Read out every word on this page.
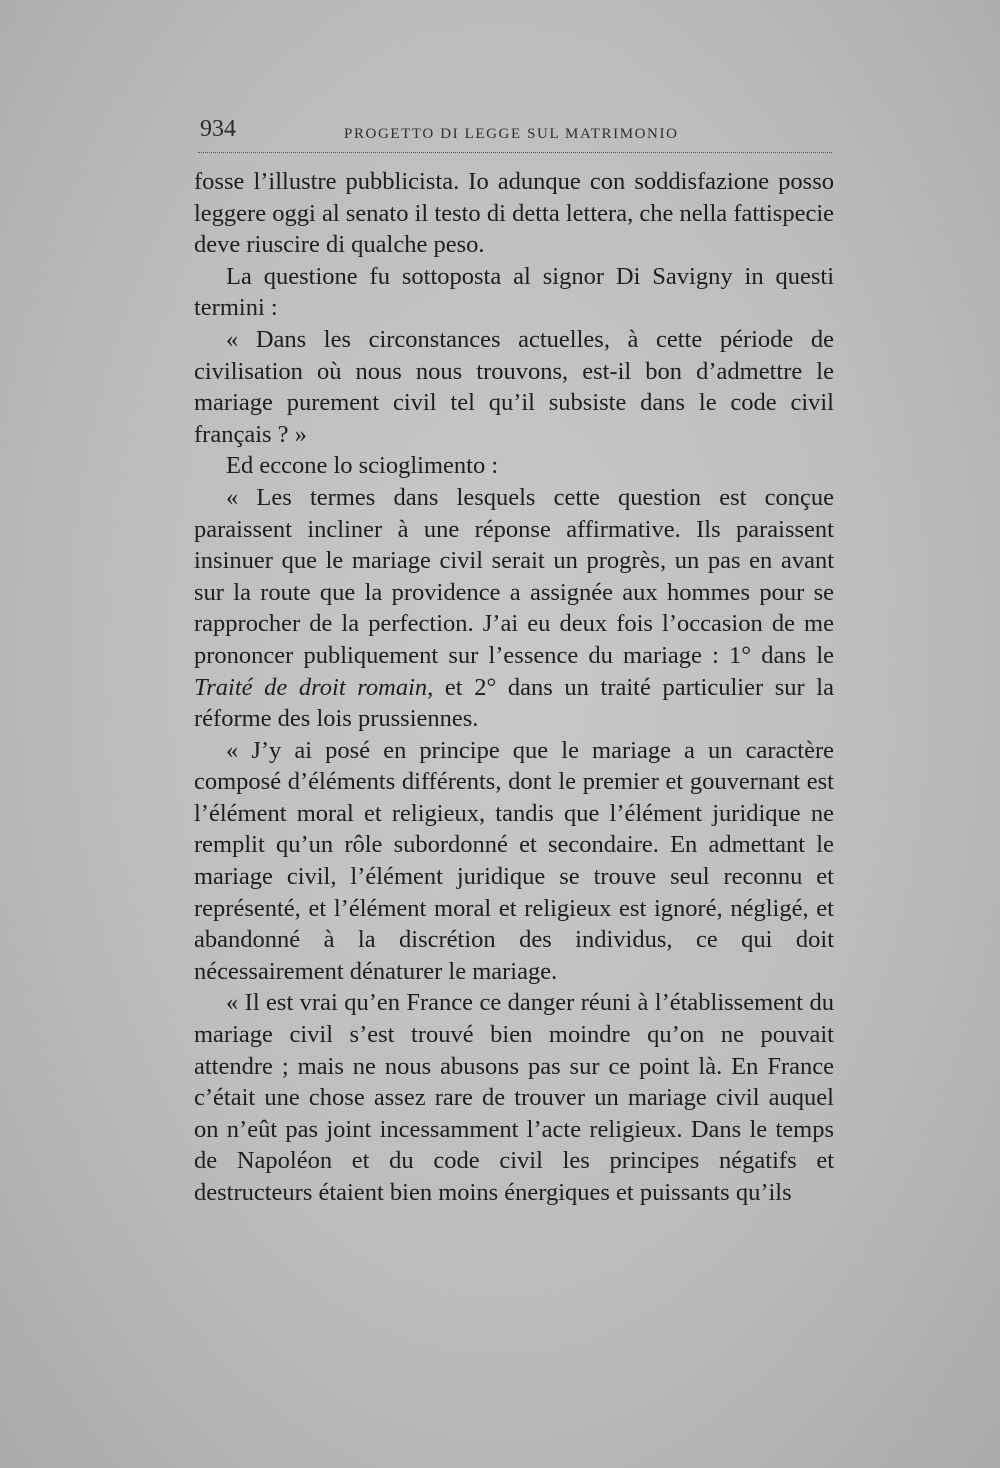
934	PROGETTO DI LEGGE SUL MATRIMONIO

fosse l’illustre pubblicista. Io adunque con soddisfazione posso leggere oggi al senato il testo di detta lettera, che nella fattispecie deve riuscire di qualche peso.

La questione fu sottoposta al signor Di Savigny in questi termini :

« Dans les circonstances actuelles, à cette période de civilisation où nous nous trouvons, est-il bon d’admettre le mariage purement civil tel qu’il subsiste dans le code civil français ? »

Ed eccone lo scioglimento :

« Les termes dans lesquels cette question est conçue paraissent incliner à une réponse affirmative. Ils paraissent insinuer que le mariage civil serait un progrès, un pas en avant sur la route que la providence a assignée aux hommes pour se rapprocher de la perfection. J’ai eu deux fois l’occasion de me prononcer publiquement sur l’essence du mariage : 1° dans le Traité de droit romain, et 2° dans un traité particulier sur la réforme des lois prussiennes.

« J’y ai posé en principe que le mariage a un caractère composé d’éléments différents, dont le premier et gouvernant est l’élément moral et religieux, tandis que l’élément juridique ne remplit qu’un rôle subordonné et secondaire. En admettant le mariage civil, l’élément juridique se trouve seul reconnu et représenté, et l’élément moral et religieux est ignoré, négligé, et abandonné à la discrétion des individus, ce qui doit nécessairement dénaturer le mariage.

« Il est vrai qu’en France ce danger réuni à l’établissement du mariage civil s’est trouvé bien moindre qu’on ne pouvait attendre ; mais ne nous abusons pas sur ce point là. En France c’était une chose assez rare de trouver un mariage civil auquel on n’eût pas joint incessamment l’acte religieux. Dans le temps de Napoléon et du code civil les principes négatifs et destructeurs étaient bien moins énergiques et puissants qu’ils
